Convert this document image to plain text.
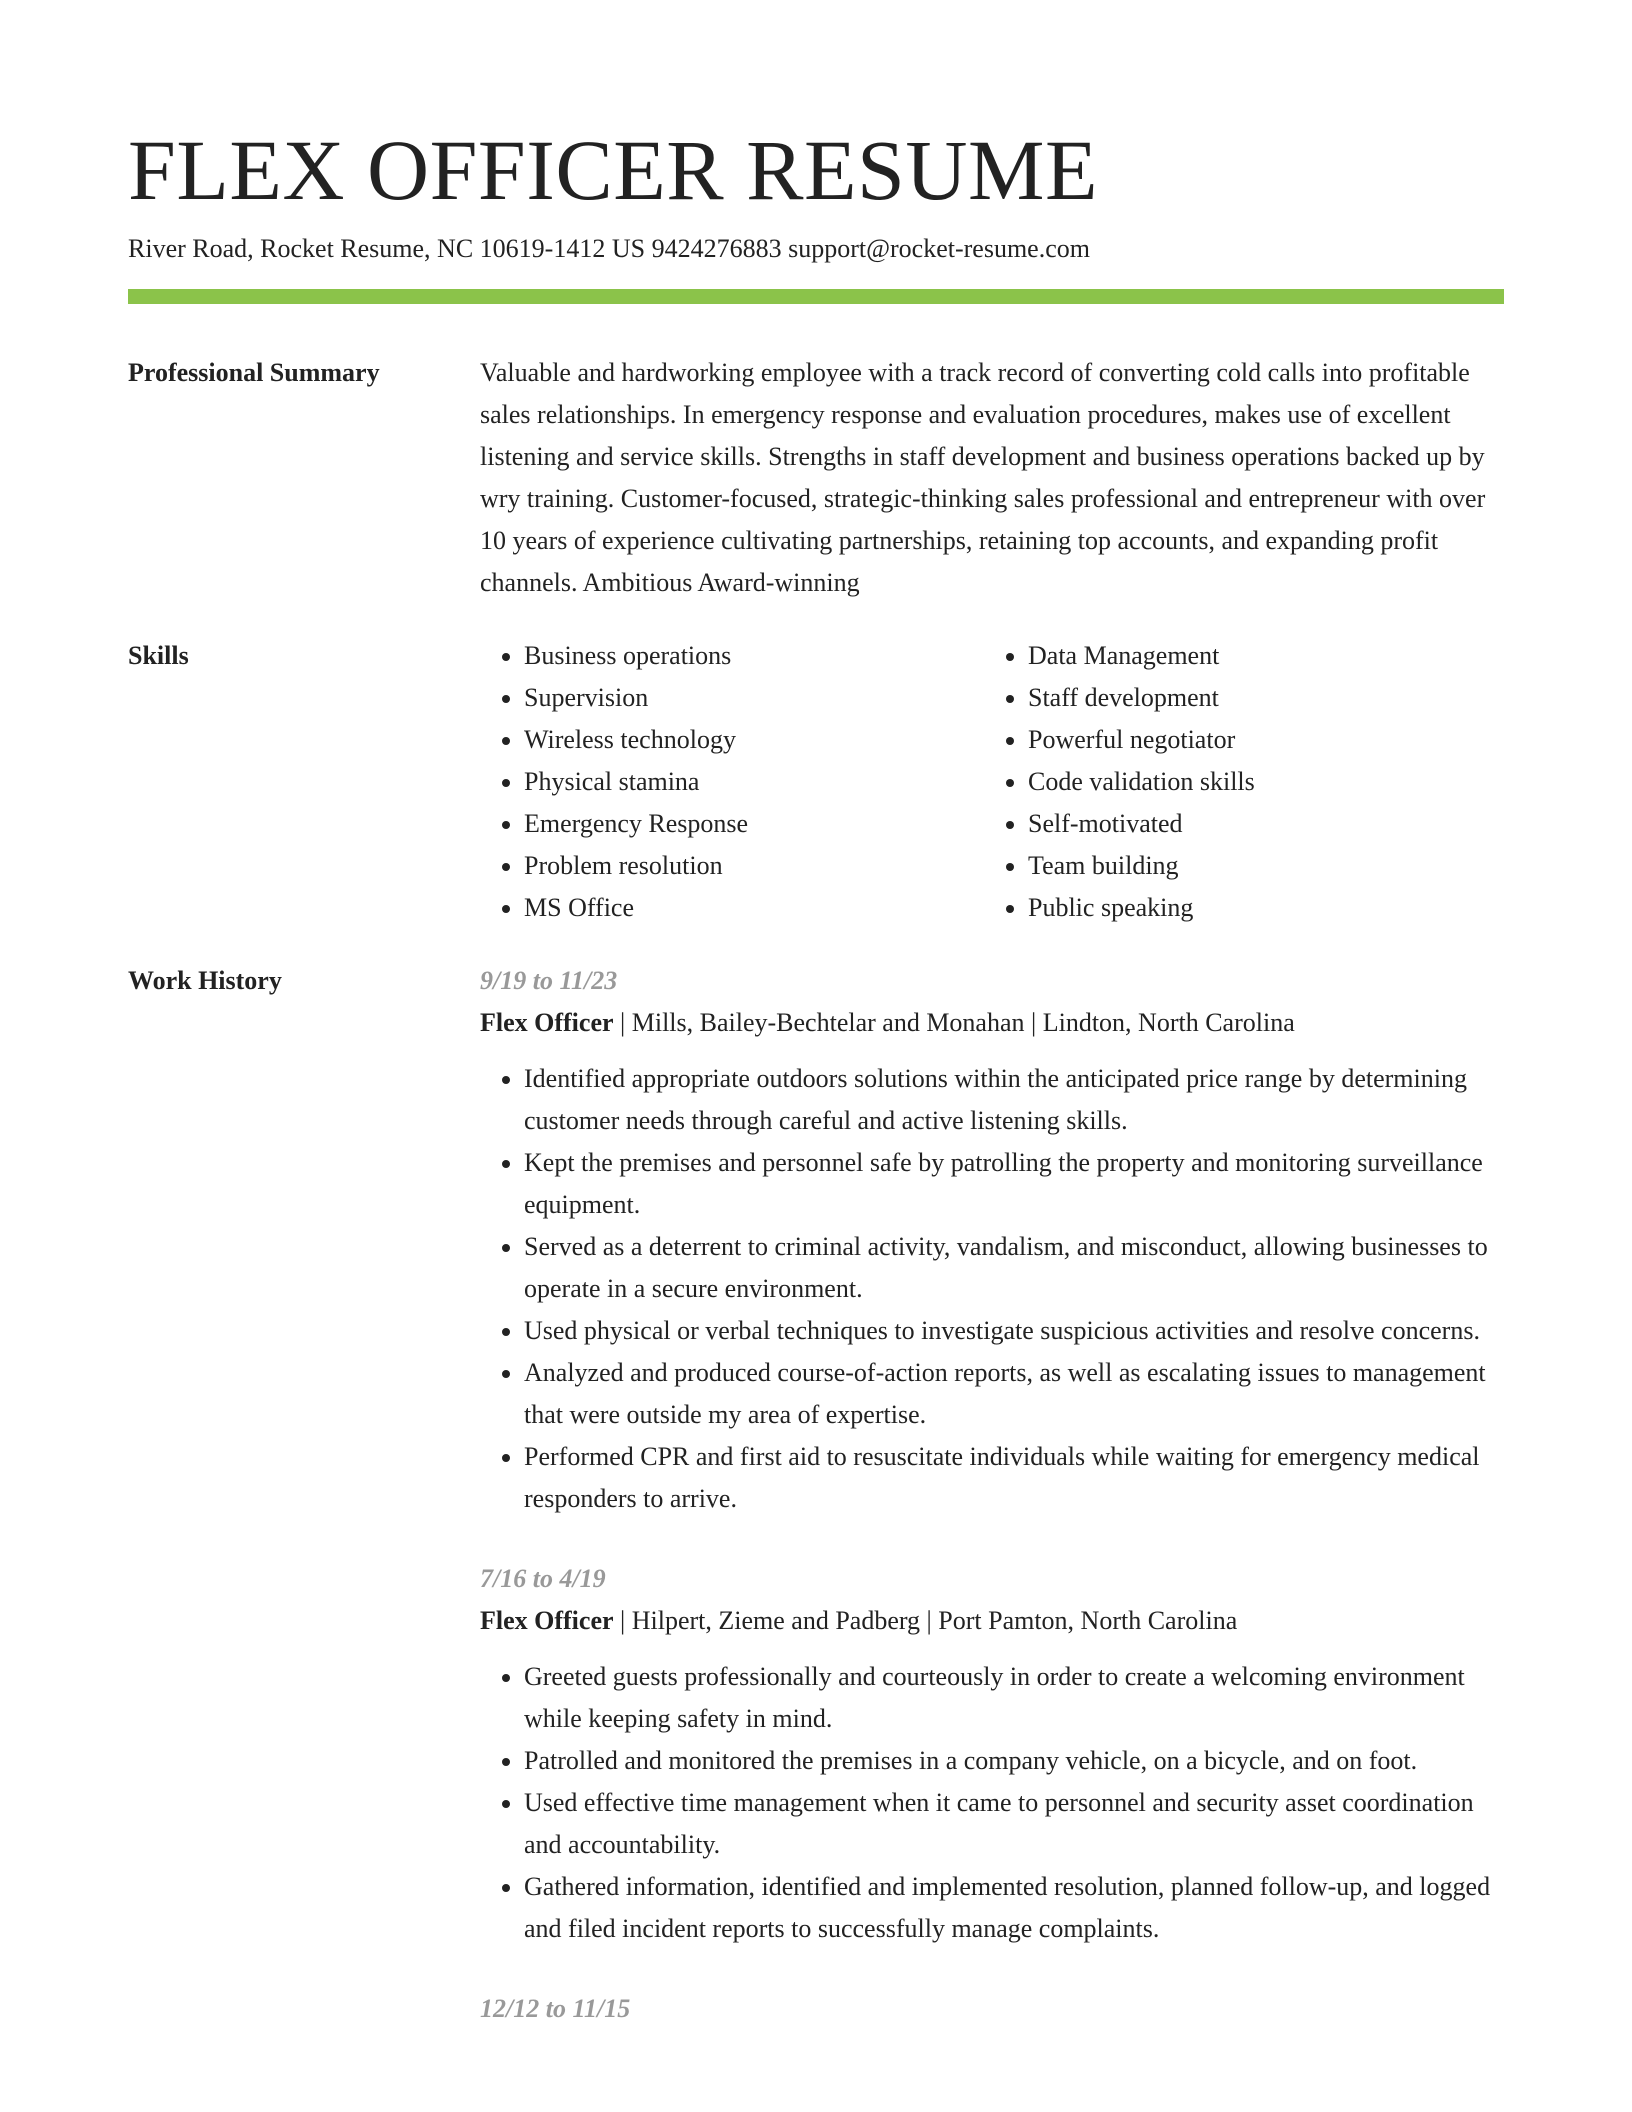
FLEX OFFICER RESUME
River Road, Rocket Resume, NC 10619-1412 US 9424276883 support@rocket-resume.com
Professional Summary	Valuable and hardworking employee with a track record of converting cold calls into profitable sales relationships. In emergency response and evaluation procedures, makes use of excellent listening and service skills. Strengths in staff development and business operations backed up by wry training. Customer-focused, strategic-thinking sales professional and entrepreneur with over 10 years of experience cultivating partnerships, retaining top accounts, and expanding profit channels. Ambitious Award-winning

Skills
•	Business operations
• Supervision
• Wireless technology
• Physical stamina
• Emergency Response
• Problem resolution
• MS Office
• Data Management
• Staff development
• Powerful negotiator
• Code validation skills
• Self-motivated
• Team building
• Public speaking
Work History	9/19 to 11/23
Flex Officer | Mills, Bailey-Bechtelar and Monahan | Lindton, North Carolina
• Identified appropriate outdoors solutions within the anticipated price range by determining customer needs through careful and active listening skills.
• Kept the premises and personnel safe by patrolling the property and monitoring surveillance equipment.
• Served as a deterrent to criminal activity, vandalism, and misconduct, allowing businesses to operate in a secure environment.
• Used physical or verbal techniques to investigate suspicious activities and resolve concerns.
• Analyzed and produced course-of-action reports, as well as escalating issues to management that were outside my area of expertise.
• Performed CPR and first aid to resuscitate individuals while waiting for emergency medical responders to arrive.
7/16 to 4/19
Flex Officer | Hilpert, Zieme and Padberg | Port Pamton, North Carolina
• Greeted guests professionally and courteously in order to create a welcoming environment while keeping safety in mind.
• Patrolled and monitored the premises in a company vehicle, on a bicycle, and on foot.
• Used effective time management when it came to personnel and security asset coordination and accountability.
• Gathered information, identified and implemented resolution, planned follow-up, and logged and filed incident reports to successfully manage complaints.
12/12 to 11/15
